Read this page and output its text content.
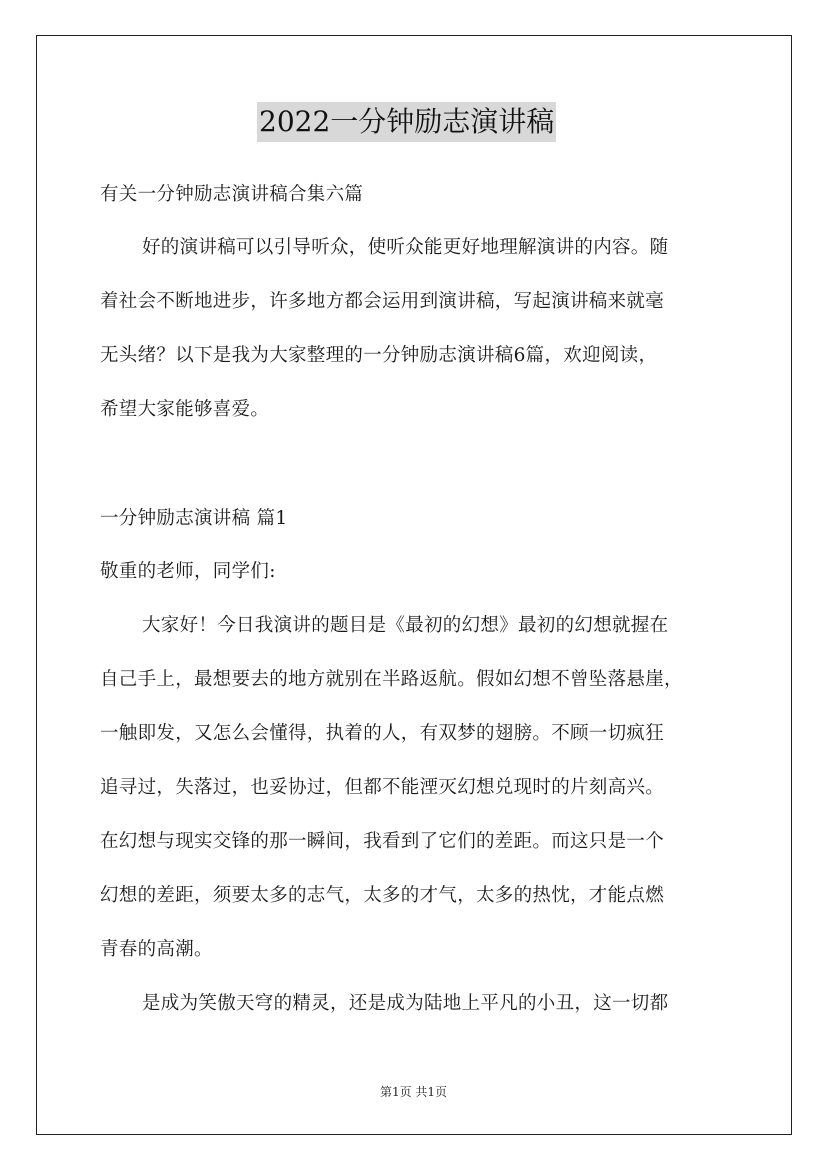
2022一分钟励志演讲稿
有关一分钟励志演讲稿合集六篇
好的演讲稿可以引导听众，使听众能更好地理解演讲的内容。随
着社会不断地进步，许多地方都会运用到演讲稿，写起演讲稿来就毫
无头绪？以下是我为大家整理的一分钟励志演讲稿6篇，欢迎阅读，
希望大家能够喜爱。
一分钟励志演讲稿 篇1
敬重的老师，同学们:
大家好！今日我演讲的题目是《最初的幻想》最初的幻想就握在
自己手上，最想要去的地方就别在半路返航。假如幻想不曾坠落悬崖，
一触即发，又怎么会懂得，执着的人，有双梦的翅膀。不顾一切疯狂
追寻过，失落过，也妥协过，但都不能湮灭幻想兑现时的片刻高兴。
在幻想与现实交锋的那一瞬间，我看到了它们的差距。而这只是一个
幻想的差距，须要太多的志气，太多的才气，太多的热忱，才能点燃
青春的高潮。
是成为笑傲天穹的精灵，还是成为陆地上平凡的小丑，这一切都
第1页 共1页
